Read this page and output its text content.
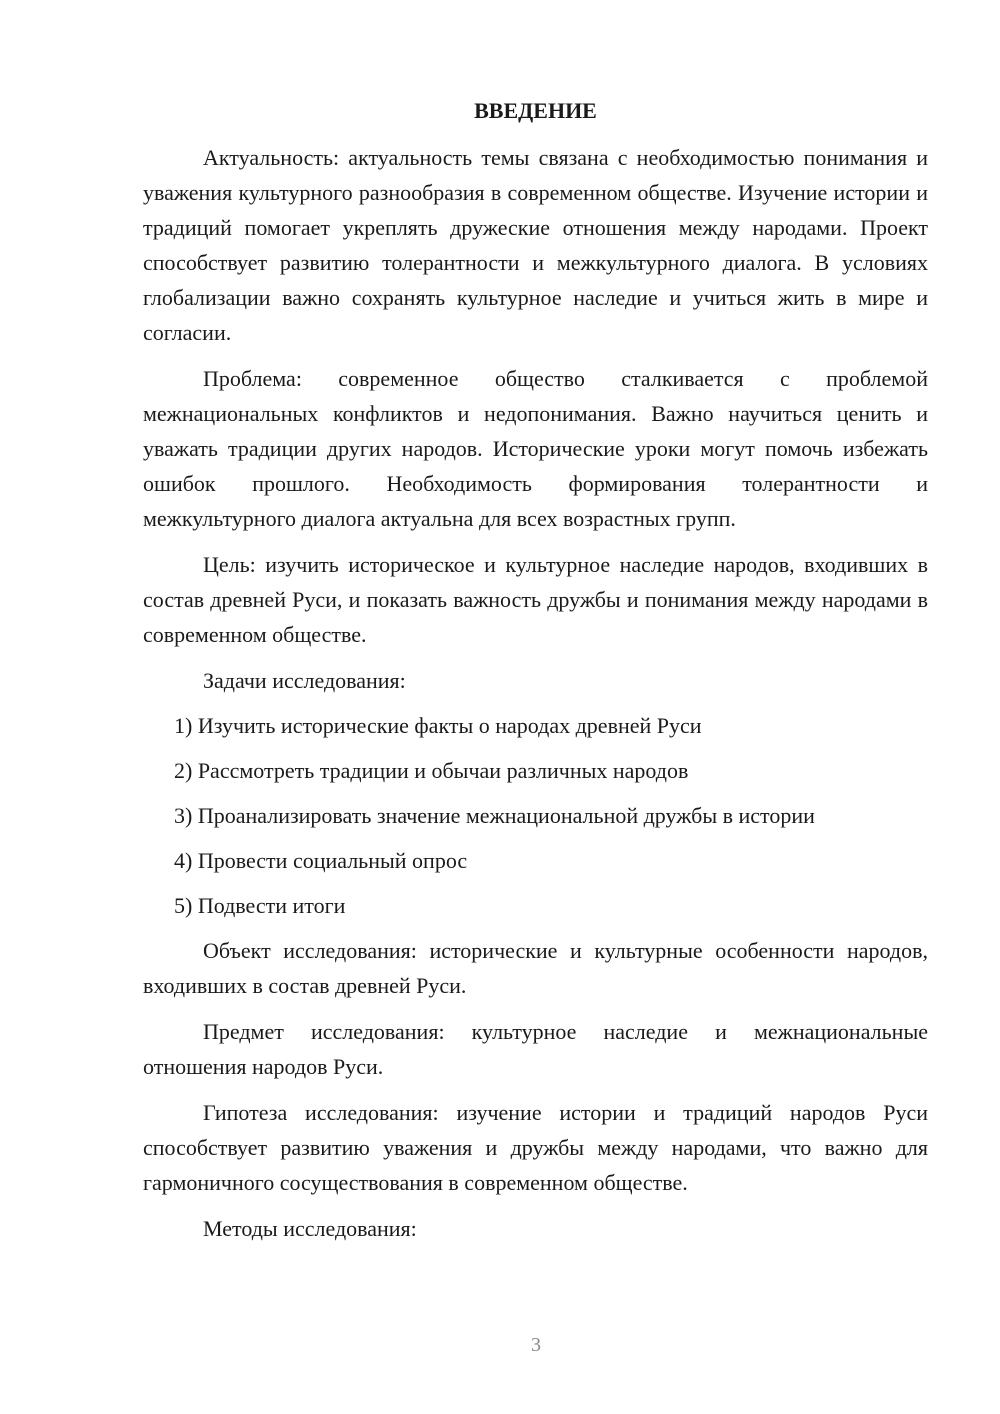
ВВЕДЕНИЕ

Актуальность: актуальность темы связана с необходимостью понимания и уважения культурного разнообразия в современном обществе. Изучение истории и традиций помогает укреплять дружеские отношения между народами. Проект способствует развитию толерантности и межкультурного диалога. В условиях глобализации важно сохранять культурное наследие и учиться жить в мире и согласии.

Проблема: современное общество сталкивается с проблемой межнациональных конфликтов и недопонимания. Важно научиться ценить и уважать традиции других народов. Исторические уроки могут помочь избежать ошибок прошлого. Необходимость формирования толерантности и межкультурного диалога актуальна для всех возрастных групп.

Цель: изучить историческое и культурное наследие народов, входивших в состав древней Руси, и показать важность дружбы и понимания между народами в современном обществе.

Задачи исследования:

1) Изучить исторические факты о народах древней Руси

2) Рассмотреть традиции и обычаи различных народов

3) Проанализировать значение межнациональной дружбы в истории

4) Провести социальный опрос

5) Подвести итоги

Объект исследования: исторические и культурные особенности народов, входивших в состав древней Руси.

Предмет исследования: культурное наследие и межнациональные отношения народов Руси.

Гипотеза исследования: изучение истории и традиций народов Руси способствует развитию уважения и дружбы между народами, что важно для гармоничного сосуществования в современном обществе.

Методы исследования:

3
